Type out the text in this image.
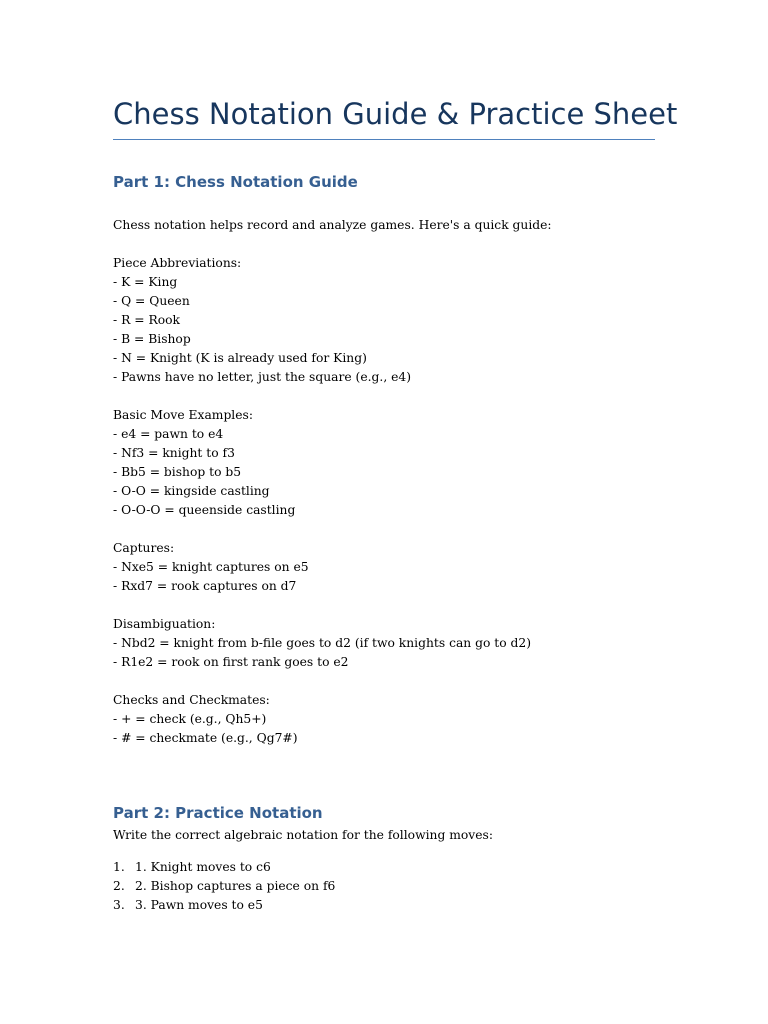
Chess Notation Guide & Practice Sheet
Part 1: Chess Notation Guide
Chess notation helps record and analyze games. Here's a quick guide:
Piece Abbreviations:
- K = King
- Q = Queen
- R = Rook
- B = Bishop
- N = Knight (K is already used for King)
- Pawns have no letter, just the square (e.g., e4)
Basic Move Examples:
- e4 = pawn to e4
- Nf3 = knight to f3
- Bb5 = bishop to b5
- O-O = kingside castling
- O-O-O = queenside castling
Captures:
- Nxe5 = knight captures on e5
- Rxd7 = rook captures on d7
Disambiguation:
- Nbd2 = knight from b-file goes to d2 (if two knights can go to d2)
- R1e2 = rook on first rank goes to e2
Checks and Checkmates:
- + = check (e.g., Qh5+)
- # = checkmate (e.g., Qg7#)
Part 2: Practice Notation
Write the correct algebraic notation for the following moves:
1. 1. Knight moves to c6
2. 2. Bishop captures a piece on f6
3. 3. Pawn moves to e5
